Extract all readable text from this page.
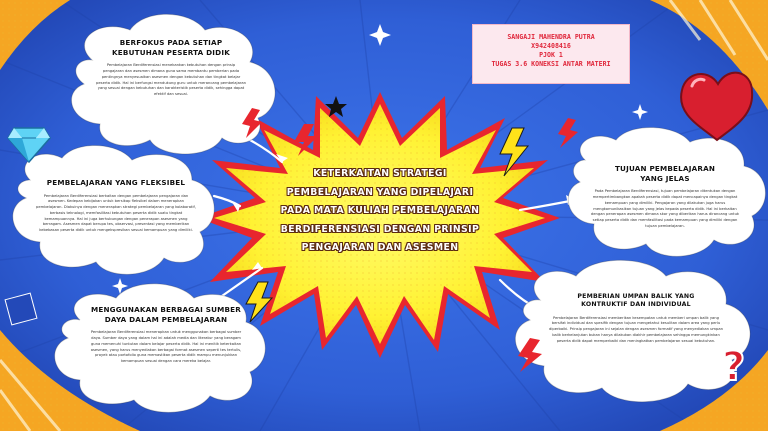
?
SANGAJI MAHENDRA PUTRA
X942408416
PJOK 1
TUGAS 3.6 KONEKSI ANTAR MATERI
KETERKAITAN STRATEGI
PEMBELAJARAN YANG DIPELAJARI
PADA MATA KULIAH PEMBELAJARAN
BERDIFERENSIASI DENGAN PRINSIP
PENGAJARAN DAN ASESMEN

BERFOKUS PADA SETIAP KEBUTUHAN PESERTA DIDIK

Pembelajaran Berdiferensiasi menekankan kebutuhan dengan prinsip pengajaran dan asesmen dimana guna sama membantu pemberian pada pentingnya menyesuaikan asesmen dengan kebutuhan dan tingkat belajar peserta didik. Hal ini berfungsi mendukung guru untuk merancang pembelajaran yang sesuai dengan kebutuhan dan karakteristik peserta didik, sehingga dapat efektif dan sesuai.

PEMBELAJARAN YANG FLEKSIBEL

Pembelajaran Berdiferensiasi berkaitan dengan pembelajaran pengajaran dan asesmen. Kedepan kebijakan untuk bersikap fleksibel dalam menerapkan pembelajaran. Diakuinya dengan menerapkan strategi pembelajaran yang kolaboratif, berbasis teknologi, memfasilitasi kebutuhan peserta didik suatu tingkat kemampuannya. Hal ini juga berhubungan dengan penerapan asesmen yang berragam. Asesmen dapat berupa tes, observasi, presentasi yang memberikan kebebasan peserta didik untuk mengekspresikan sesuai kemampuan yang dimiliki.

MENGGUNAKAN BERBAGAI SUMBER DAYA DALAM PEMBELAJARAN

Pembelajaran Berdiferensiasi menerapkan untuk menggunakan berbagai sumber daya. Sumber daya yang dalam hal ini adalah media dan literatur yang beragam guna memenuhi tuntutan dalam belajar peserta didik. Hal ini menitik keterkaitan asesmen, yang harus menyediakan berbagai format asesmen seperti tes tertulis, proyek atau portofolio guna memastikan peserta didik mampu menunjukkan kemampuan sesuai dengan cara mereka belajar.

TUJUAN PEMBELAJARAN YANG JELAS

Pada Pembelajaran Berdiferensiasi, tujuan pembelajaran ditentukan dengan mempertimbangkan apakah peserta didik dapat mencapainya dengan tingkat kemampuan yang dimiliki. Pengajaran yang dilakukan juga harus mengkomunikasikan tujuan yang jelas kepada peserta didik. Hal ini berkaitan dengan penerapan asesmen dimana skor yang diberikan harus dirancang untuk setiap peserta didik dan memfasilitasi pada kemampuan yang dimiliki dengan tujuan pembelajaran.

PEMBERIAN UMPAN BALIK YANG KONTRUKTIF DAN INDIVIDUAL

Pembelajaran Berdiferensiasi memberikan kesempatan untuk memberi umpan balik yang bersifat individual dan spesifik dengan tujuan mengetahui kesulitan dalam area yang perlu diperbaiki. Prinsip pengajaran ini sejalan dengan asesmen formatif yang menyediakan umpan balik berkelanjutan bukan hanya dilakukan diakhir pembelajaran sehingga memungkinkan peserta didik dapat memperbaiki dan meningkatkan pembelajaran sesuai kebutuhan.
